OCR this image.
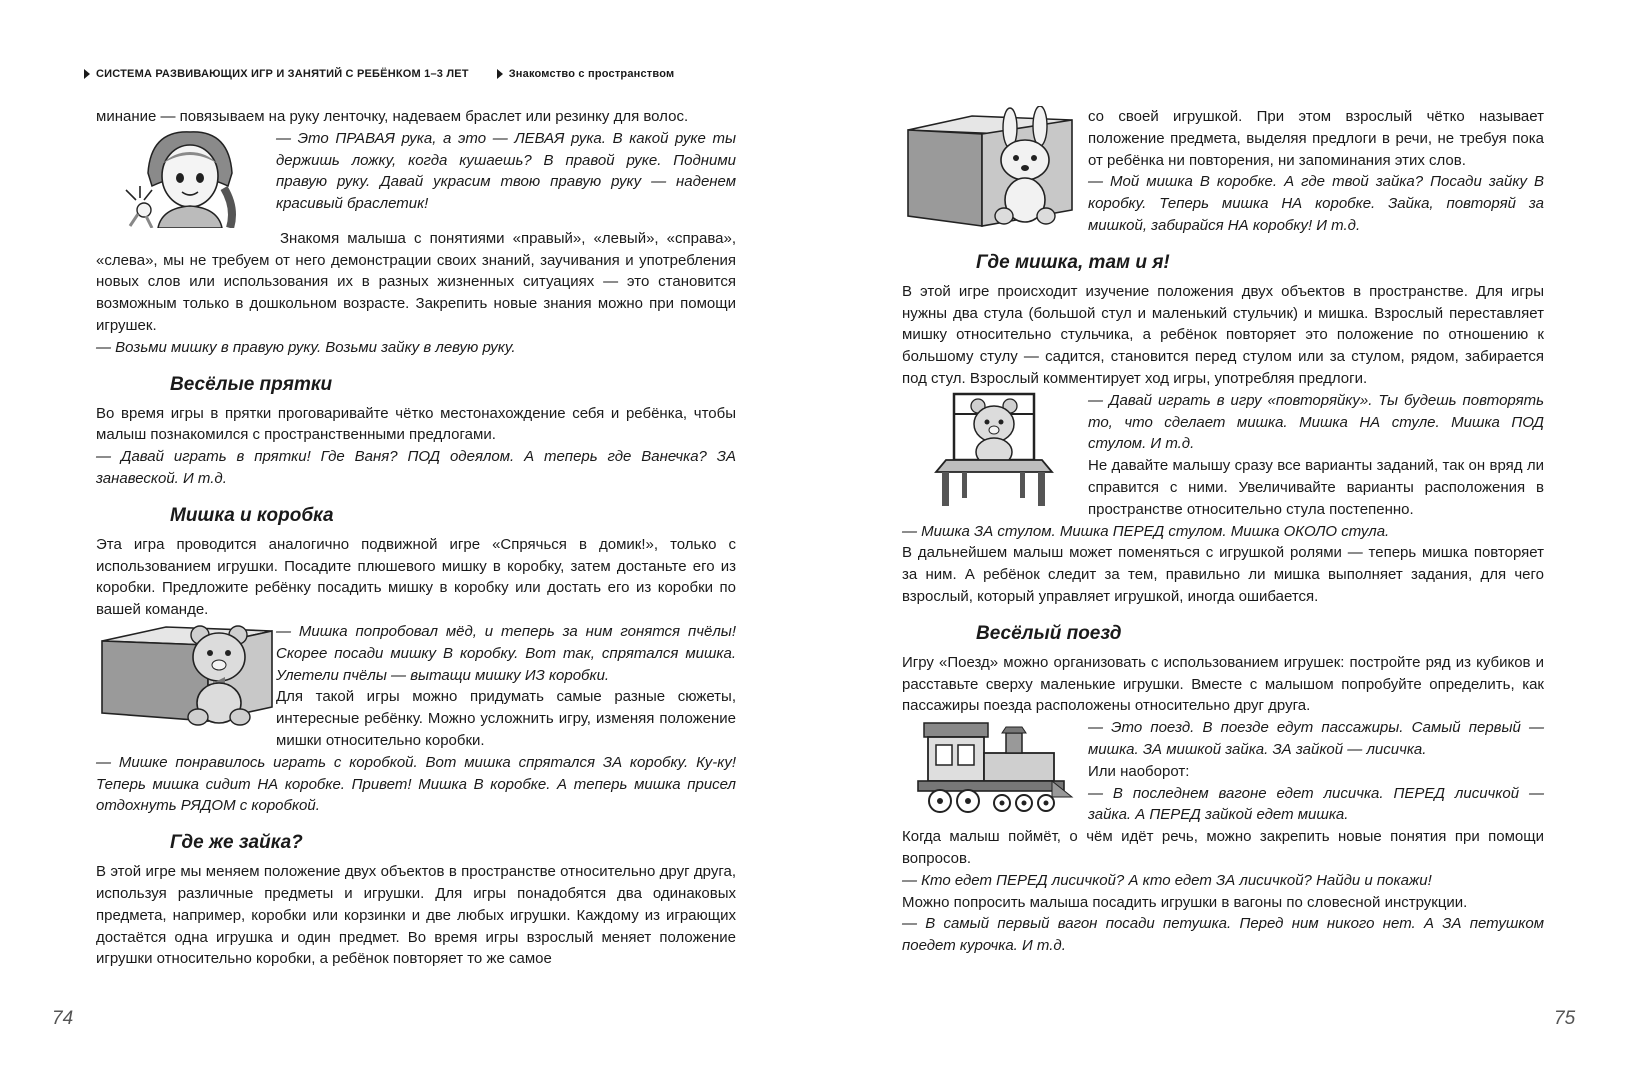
СИСТЕМА РАЗВИВАЮЩИХ ИГР И ЗАНЯТИЙ С РЕБЁНКОМ 1–3 ЛЕТ	Знакомство с пространством

минание — повязываем на руку ленточку, надеваем браслет или резинку для волос.

— Это ПРАВАЯ рука, а это — ЛЕВАЯ рука. В какой руке ты держишь ложку, когда кушаешь? В правой руке. Подними правую руку. Давай украсим твою правую руку — наденем красивый браслетик!

Знакомя малыша с понятиями «правый», «левый», «справа», «слева», мы не требуем от него демонстрации своих знаний, заучивания и употребления новых слов или использования их в разных жизненных ситуациях — это становится возможным только в дошкольном возрасте. Закрепить новые знания можно при помощи игрушек.

— Возьми мишку в правую руку. Возьми зайку в левую руку.

Весёлые прятки

Во время игры в прятки проговаривайте чётко местонахождение себя и ребёнка, чтобы малыш познакомился с пространственными предлогами.

— Давай играть в прятки! Где Ваня? ПОД одеялом. А теперь где Ванечка? ЗА занавеской. И т.д.

Мишка и коробка

Эта игра проводится аналогично подвижной игре «Спрячься в домик!», только с использованием игрушки. Посадите плюшевого мишку в коробку, затем достаньте его из коробки. Предложите ребёнку посадить мишку в коробку или достать его из коробки по вашей команде.

— Мишка попробовал мёд, и теперь за ним гонятся пчёлы! Скорее посади мишку В коробку. Вот так, спрятался мишка. Улетели пчёлы — вытащи мишку ИЗ коробки.

Для такой игры можно придумать самые разные сюжеты, интересные ребёнку. Можно усложнить игру, изменяя положение мишки относительно коробки.

— Мишке понравилось играть с коробкой. Вот мишка спрятался ЗА коробку. Ку-ку! Теперь мишка сидит НА коробке. Привет! Мишка В коробке. А теперь мишка присел отдохнуть РЯДОМ с коробкой.

Где же зайка?

В этой игре мы меняем положение двух объектов в пространстве относительно друг друга, используя различные предметы и игрушки. Для игры понадобятся два одинаковых предмета, например, коробки или корзинки и две любых игрушки. Каждому из играющих достаётся одна игрушка и один предмет. Во время игры взрослый меняет положение игрушки относительно коробки, а ребёнок повторяет то же самое

74

со своей игрушкой. При этом взрослый чётко называет положение предмета, выделяя предлоги в речи, не требуя пока от ребёнка ни повторения, ни запоминания этих слов.

— Мой мишка В коробке. А где твой зайка? Посади зайку В коробку. Теперь мишка НА коробке. Зайка, повторяй за мишкой, забирайся НА коробку! И т.д.

Где мишка, там и я!

В этой игре происходит изучение положения двух объектов в пространстве. Для игры нужны два стула (большой стул и маленький стульчик) и мишка. Взрослый переставляет мишку относительно стульчика, а ребёнок повторяет это положение по отношению к большому стулу — садится, становится перед стулом или за стулом, рядом, забирается под стул. Взрослый комментирует ход игры, употребляя предлоги.

— Давай играть в игру «повторяйку». Ты будешь повторять то, что сделает мишка. Мишка НА стуле. Мишка ПОД стулом. И т.д.

Не давайте малышу сразу все варианты заданий, так он вряд ли справится с ними. Увеличивайте варианты расположения в пространстве относительно стула постепенно.

— Мишка ЗА стулом. Мишка ПЕРЕД стулом. Мишка ОКОЛО стула.

В дальнейшем малыш может поменяться с игрушкой ролями — теперь мишка повторяет за ним. А ребёнок следит за тем, правильно ли мишка выполняет задания, для чего взрослый, который управляет игрушкой, иногда ошибается.

Весёлый поезд

Игру «Поезд» можно организовать с использованием игрушек: постройте ряд из кубиков и расставьте сверху маленькие игрушки. Вместе с малышом попробуйте определить, как пассажиры поезда расположены относительно друг друга.

— Это поезд. В поезде едут пассажиры. Самый первый — мишка. ЗА мишкой зайка. ЗА зайкой — лисичка.

Или наоборот:

— В последнем вагоне едет лисичка. ПЕРЕД лисичкой — зайка. А ПЕРЕД зайкой едет мишка.

Когда малыш поймёт, о чём идёт речь, можно закрепить новые понятия при помощи вопросов.

— Кто едет ПЕРЕД лисичкой? А кто едет ЗА лисичкой? Найди и покажи!

Можно попросить малыша посадить игрушки в вагоны по словесной инструкции.

— В самый первый вагон посади петушка. Перед ним никого нет. А ЗА петушком поедет курочка. И т.д.

75
